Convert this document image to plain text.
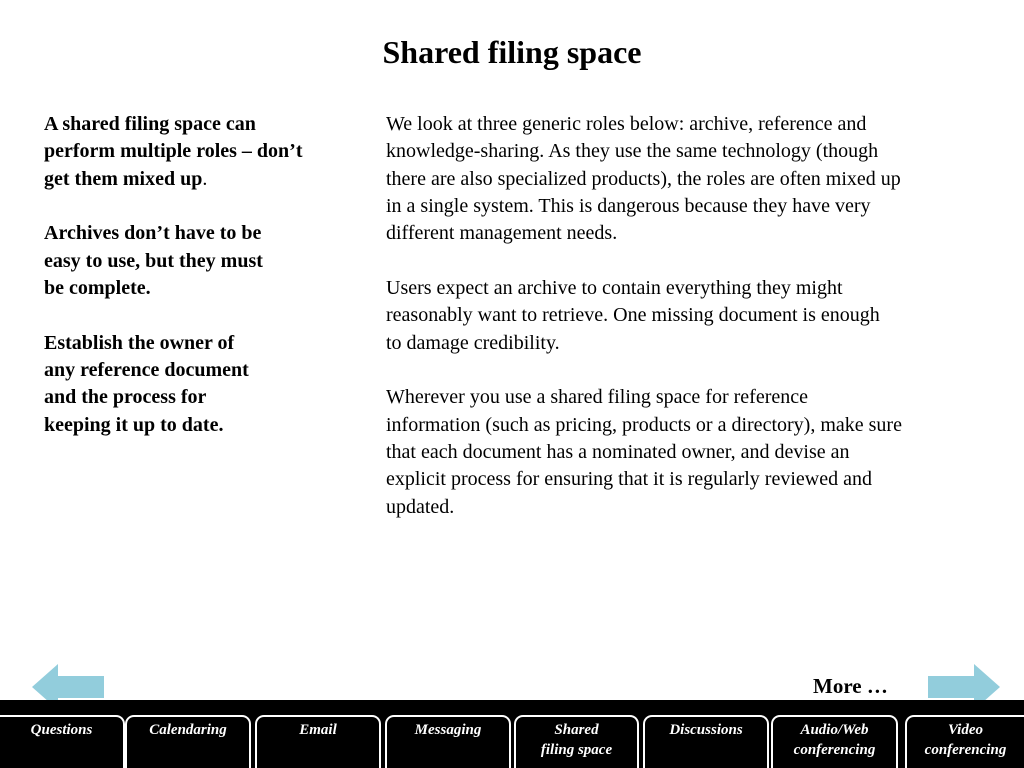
Shared filing space

A shared filing space can
perform multiple roles – don’t
get them mixed up.

Archives don’t have to be
easy to use, but they must
be complete.

Establish the owner of
any reference document
and the process for
keeping it up to date.

We look at three generic roles below: archive, reference and
knowledge-sharing. As they use the same technology (though
there are also specialized products), the roles are often mixed up
in a single system. This is dangerous because they have very
different management needs.

Users expect an archive to contain everything they might
reasonably want to retrieve. One missing document is enough
to damage credibility.

Wherever you use a shared filing space for reference
information (such as pricing, products or a directory), make sure
that each document has a nominated owner, and devise an
explicit process for ensuring that it is regularly reviewed and
updated.

More …
Questions	Calendaring	Email	Messaging	Shared
filing space
Discussions	Audio/Web
conferencing
Video
conferencing
